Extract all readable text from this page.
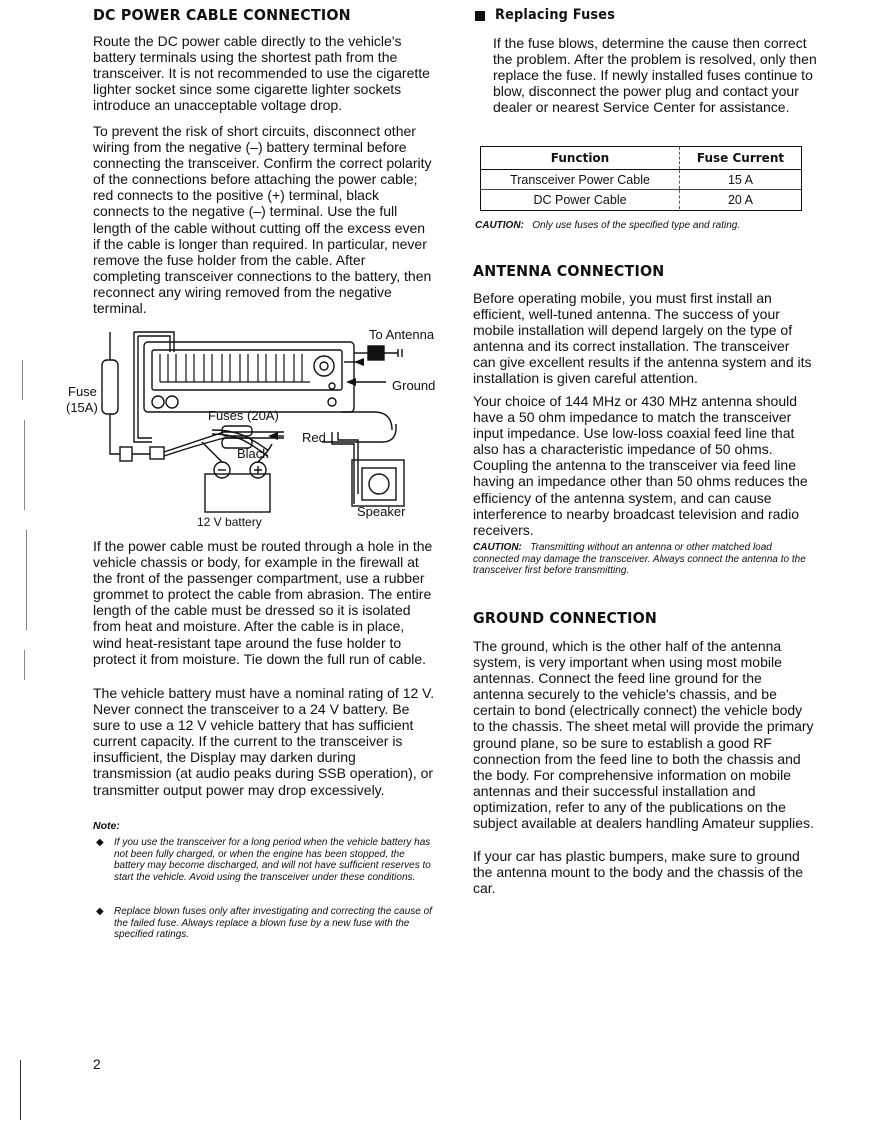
DC POWER CABLE CONNECTION

Route the DC power cable directly to the vehicle's battery terminals using the shortest path from the transceiver. It is not recommended to use the cigarette lighter socket since some cigarette lighter sockets introduce an unacceptable voltage drop.

To prevent the risk of short circuits, disconnect other wiring from the negative (–) battery terminal before connecting the transceiver. Confirm the correct polarity of the connections before attaching the power cable; red connects to the positive (+) terminal, black connects to the negative (–) terminal. Use the full length of the cable without cutting off the excess even if the cable is longer than required. In particular, never remove the fuse holder from the cable. After completing transceiver connections to the battery, then reconnect any wiring removed from the negative terminal.

To Antenna
Ground
Fuse
(15A)
Fuses (20A)
Red
Black
Speaker
12 V battery

If the power cable must be routed through a hole in the vehicle chassis or body, for example in the firewall at the front of the passenger compartment, use a rubber grommet to protect the cable from abrasion. The entire length of the cable must be dressed so it is isolated from heat and moisture. After the cable is in place, wind heat-resistant tape around the fuse holder to protect it from moisture. Tie down the full run of cable.

The vehicle battery must have a nominal rating of 12 V. Never connect the transceiver to a 24 V battery. Be sure to use a 12 V vehicle battery that has sufficient current capacity. If the current to the transceiver is insufficient, the Display may darken during transmission (at audio peaks during SSB operation), or transmitter output power may drop excessively.

Note:
◆ If you use the transceiver for a long period when the vehicle battery has not been fully charged, or when the engine has been stopped, the battery may become discharged, and will not have sufficient reserves to start the vehicle. Avoid using the transceiver under these conditions.
◆ Replace blown fuses only after investigating and correcting the cause of the failed fuse. Always replace a blown fuse by a new fuse with the specified ratings.
Replacing Fuses

If the fuse blows, determine the cause then correct the problem. After the problem is resolved, only then replace the fuse. If newly installed fuses continue to blow, disconnect the power plug and contact your dealer or nearest Service Center for assistance.

Function	Fuse Current
Transceiver Power Cable	15 A
DC Power Cable	20 A
CAUTION: Only use fuses of the specified type and rating.
ANTENNA CONNECTION

Before operating mobile, you must first install an efficient, well-tuned antenna. The success of your mobile installation will depend largely on the type of antenna and its correct installation. The transceiver can give excellent results if the antenna system and its installation is given careful attention.

Your choice of 144 MHz or 430 MHz antenna should have a 50 ohm impedance to match the transceiver input impedance. Use low-loss coaxial feed line that also has a characteristic impedance of 50 ohms. Coupling the antenna to the transceiver via feed line having an impedance other than 50 ohms reduces the efficiency of the antenna system, and can cause interference to nearby broadcast television and radio receivers.

CAUTION: Transmitting without an antenna or other matched load connected may damage the transceiver. Always connect the antenna to the transceiver first before transmitting.
GROUND CONNECTION

The ground, which is the other half of the antenna system, is very important when using most mobile antennas. Connect the feed line ground for the antenna securely to the vehicle's chassis, and be certain to bond (electrically connect) the vehicle body to the chassis. The sheet metal will provide the primary ground plane, so be sure to establish a good RF connection from the feed line to both the chassis and the body. For comprehensive information on mobile antennas and their successful installation and optimization, refer to any of the publications on the subject available at dealers handling Amateur supplies.

If your car has plastic bumpers, make sure to ground the antenna mount to the body and the chassis of the car.

2
